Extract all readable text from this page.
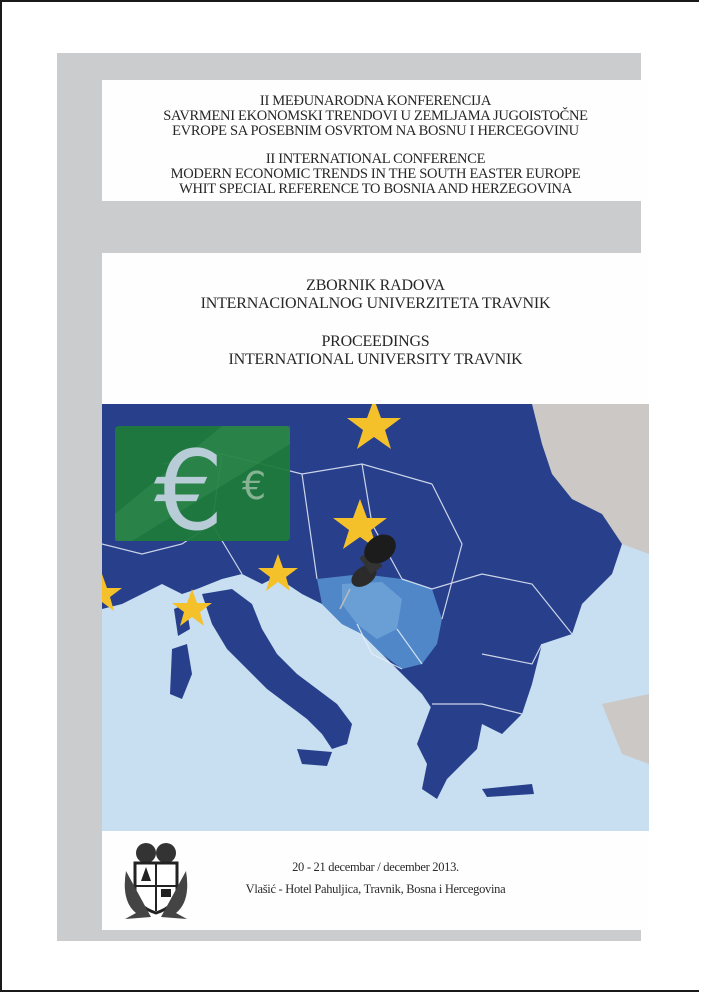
II MEĐUNARODNA KONFERENCIJA
SAVRMENI EKONOMSKI TRENDOVI U ZEMLJAMA JUGOISTOČNE
EVROPE SA POSEBNIM OSVRTOM NA BOSNU I HERCEGOVINU
II INTERNATIONAL CONFERENCE
MODERN ECONOMIC TRENDS IN THE SOUTH EASTER EUROPE
WHIT SPECIAL REFERENCE TO BOSNIA AND HERZEGOVINA
ZBORNIK RADOVA
INTERNACIONALNOG UNIVERZITETA TRAVNIK
PROCEEDINGS
INTERNATIONAL UNIVERSITY TRAVNIK
€ €
20 - 21 decembar / december 2013.
Vlašić - Hotel Pahuljica, Travnik, Bosna i Hercegovina
